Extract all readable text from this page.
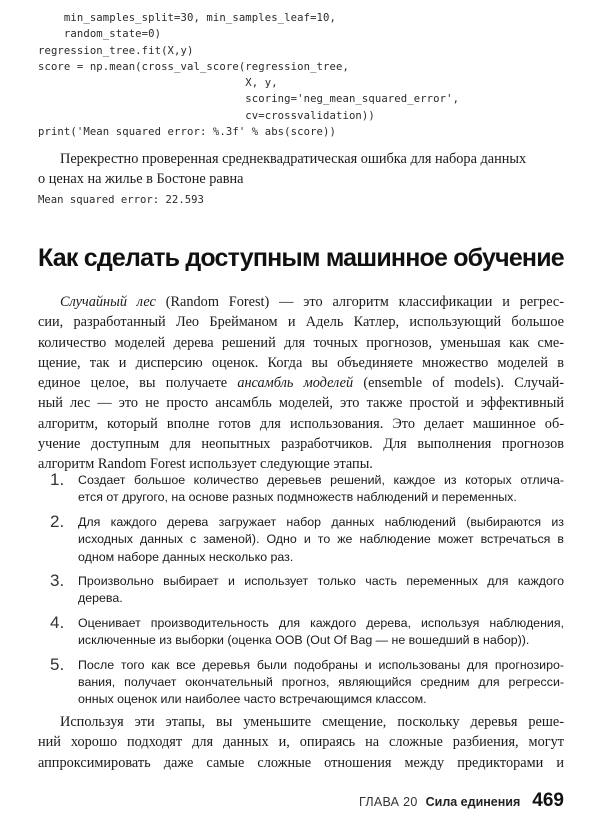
min_samples_split=30, min_samples_leaf=10,
random_state=0)
regression_tree.fit(X,y)
score = np.mean(cross_val_score(regression_tree,
X, y,
scoring='neg_mean_squared_error',
cv=crossvalidation))
print('Mean squared error: %.3f' % abs(score))

Перекрестно проверенная среднеквадратическая ошибка для набора данных
о ценах на жилье в Бостоне равна

Mean squared error: 22.593
Как сделать доступным машинное обучение

Случайный лес (Random Forest) — это алгоритм классификации и регрес-
сии, разработанный Лео Брейманом и Адель Катлер, использующий большое
количество моделей дерева решений для точных прогнозов, уменьшая как сме-
щение, так и дисперсию оценок. Когда вы объединяете множество моделей в
единое целое, вы получаете ансамбль моделей (ensemble of models). Случай-
ный лес — это не просто ансамбль моделей, это также простой и эффективный
алгоритм, который вполне готов для использования. Это делает машинное об-
учение доступным для неопытных разработчиков. Для выполнения прогнозов
алгоритм Random Forest использует следующие этапы.

1. Создает большое количество деревьев решений, каждое из которых отлича-
ется от другого, на основе разных подмножеств наблюдений и переменных.
2. Для каждого дерева загружает набор данных наблюдений (выбираются из
исходных данных с заменой). Одно и то же наблюдение может встречаться в
одном наборе данных несколько раз.
3. Произвольно выбирает и использует только часть переменных для каждого
дерева.
4. Оценивает производительность для каждого дерева, используя наблюдения,
исключенные из выборки (оценка OOB (Out Of Bag — не вошедший в набор)).
5. После того как все деревья были подобраны и использованы для прогнозиро-
вания, получает окончательный прогноз, являющийся средним для регресси-
онных оценок или наиболее часто встречающимся классом.

Используя эти этапы, вы уменьшите смещение, поскольку деревья реше-
ний хорошо подходят для данных и, опираясь на сложные разбиения, могут
аппроксимировать даже самые сложные отношения между предикторами и

ГЛАВА 20 Сила единения 469
